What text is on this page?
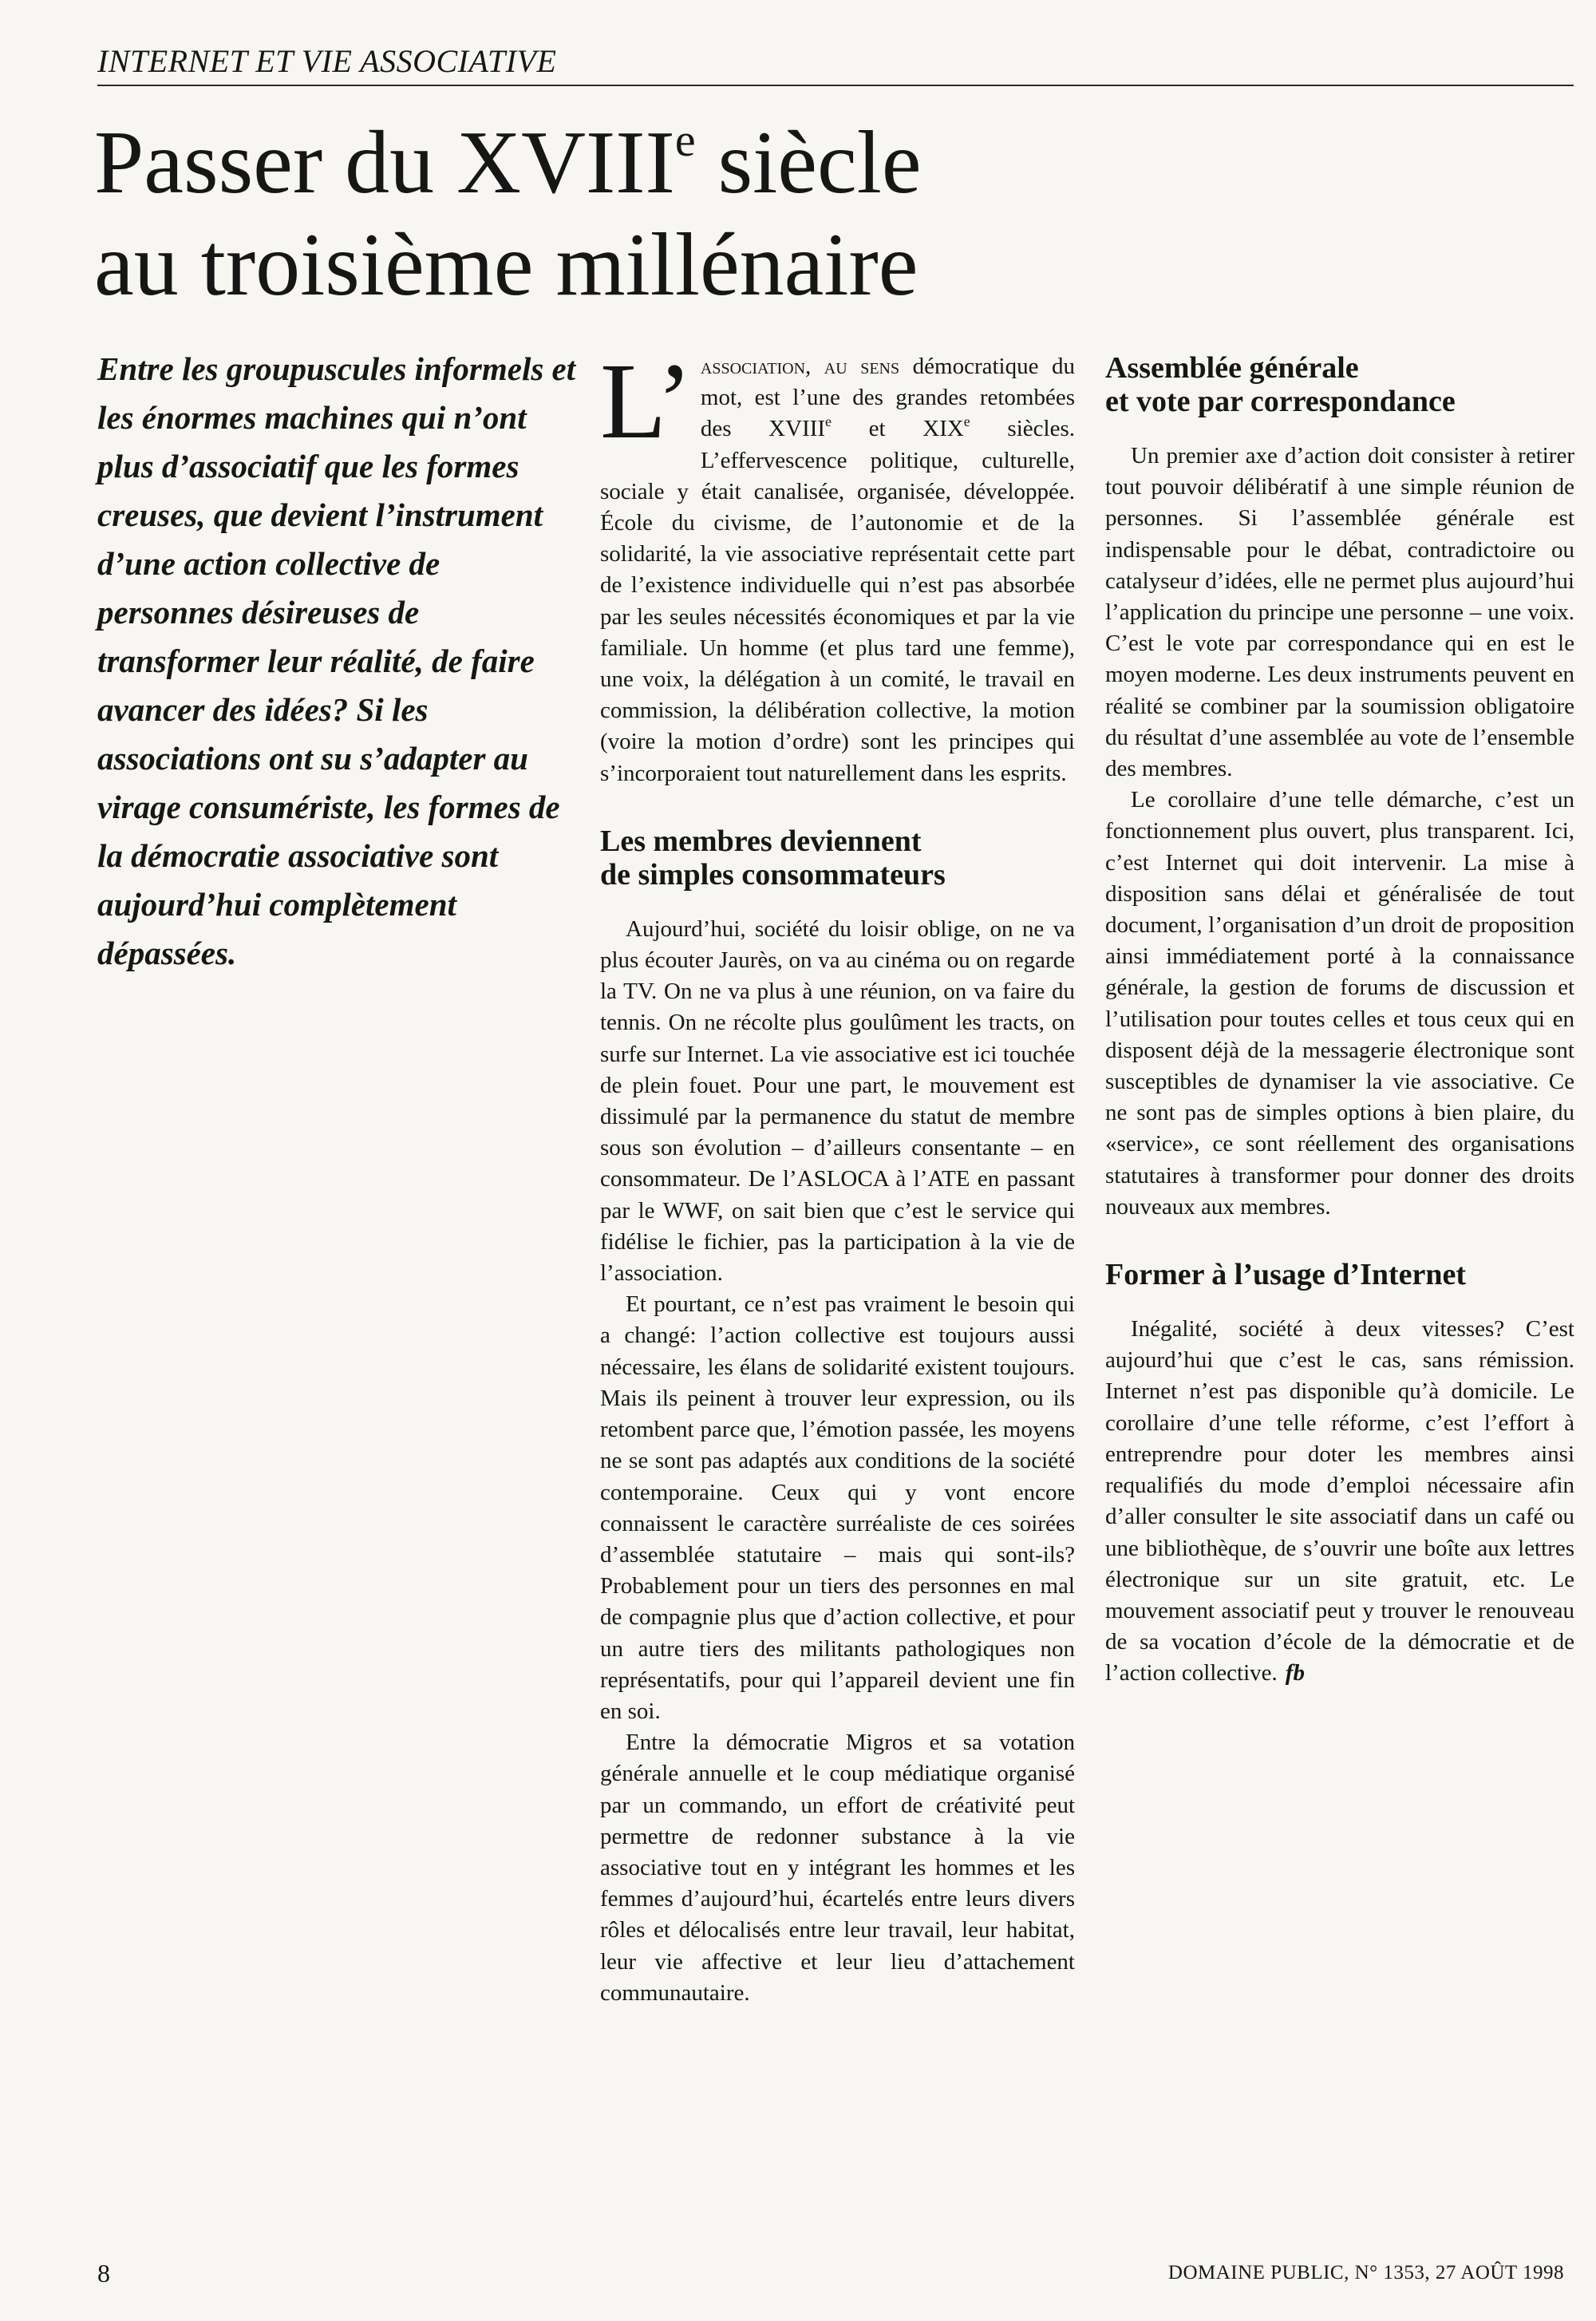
INTERNET ET VIE ASSOCIATIVE
Passer du XVIIIe siècle
au troisième millénaire
Entre les groupuscules informels et les énormes machines qui n’ont plus d’associatif que les formes creuses, que devient l’instrument d’une action collective de personnes désireuses de transformer leur réalité, de faire avancer des idées? Si les associations ont su s’adapter au virage consumériste, les formes de la démocratie associative sont aujourd’hui complètement dépassées.

L’ association, au sens démocratique du mot, est l’une des grandes retombées des XVIIIe et XIXe siècles. L’effervescence politique, culturelle, sociale y était canalisée, organisée, développée. École du civisme, de l’autonomie et de la solidarité, la vie associative représentait cette part de l’existence individuelle qui n’est pas absorbée par les seules nécessités économiques et par la vie familiale. Un homme (et plus tard une femme), une voix, la délégation à un comité, le travail en commission, la délibération collective, la motion (voire la motion d’ordre) sont les principes qui s’incorporaient tout naturellement dans les esprits.

Les membres deviennent
de simples consommateurs

Aujourd’hui, société du loisir oblige, on ne va plus écouter Jaurès, on va au cinéma ou on regarde la TV. On ne va plus à une réunion, on va faire du tennis. On ne récolte plus goulûment les tracts, on surfe sur Internet. La vie associative est ici touchée de plein fouet. Pour une part, le mouvement est dissimulé par la permanence du statut de membre sous son évolution – d’ailleurs consentante – en consommateur. De l’ASLOCA à l’ATE en passant par le WWF, on sait bien que c’est le service qui fidélise le fichier, pas la participation à la vie de l’association.

Et pourtant, ce n’est pas vraiment le besoin qui a changé: l’action collective est toujours aussi nécessaire, les élans de solidarité existent toujours. Mais ils peinent à trouver leur expression, ou ils retombent parce que, l’émotion passée, les moyens ne se sont pas adaptés aux conditions de la société contemporaine. Ceux qui y vont encore connaissent le caractère surréaliste de ces soirées d’assemblée statutaire – mais qui sont-ils? Probablement pour un tiers des personnes en mal de compagnie plus que d’action collective, et pour un autre tiers des militants pathologiques non représentatifs, pour qui l’appareil devient une fin en soi.

Entre la démocratie Migros et sa votation générale annuelle et le coup médiatique organisé par un commando, un effort de créativité peut permettre de redonner substance à la vie associative tout en y intégrant les hommes et les femmes d’aujourd’hui, écartelés entre leurs divers rôles et délocalisés entre leur travail, leur habitat, leur vie affective et leur lieu d’attachement communautaire.

Assemblée générale
et vote par correspondance

Un premier axe d’action doit consister à retirer tout pouvoir délibératif à une simple réunion de personnes. Si l’assemblée générale est indispensable pour le débat, contradictoire ou catalyseur d’idées, elle ne permet plus aujourd’hui l’application du principe une personne – une voix. C’est le vote par correspondance qui en est le moyen moderne. Les deux instruments peuvent en réalité se combiner par la soumission obligatoire du résultat d’une assemblée au vote de l’ensemble des membres.

Le corollaire d’une telle démarche, c’est un fonctionnement plus ouvert, plus transparent. Ici, c’est Internet qui doit intervenir. La mise à disposition sans délai et généralisée de tout document, l’organisation d’un droit de proposition ainsi immédiatement porté à la connaissance générale, la gestion de forums de discussion et l’utilisation pour toutes celles et tous ceux qui en disposent déjà de la messagerie électronique sont susceptibles de dynamiser la vie associative. Ce ne sont pas de simples options à bien plaire, du «service», ce sont réellement des organisations statutaires à transformer pour donner des droits nouveaux aux membres.

Former à l’usage d’Internet

Inégalité, société à deux vitesses? C’est aujourd’hui que c’est le cas, sans rémission. Internet n’est pas disponible qu’à domicile. Le corollaire d’une telle réforme, c’est l’effort à entreprendre pour doter les membres ainsi requalifiés du mode d’emploi nécessaire afin d’aller consulter le site associatif dans un café ou une bibliothèque, de s’ouvrir une boîte aux lettres électronique sur un site gratuit, etc. Le mouvement associatif peut y trouver le renouveau de sa vocation d’école de la démocratie et de l’action collective. fb

8	DOMAINE PUBLIC, N° 1353, 27 AOÛT 1998
